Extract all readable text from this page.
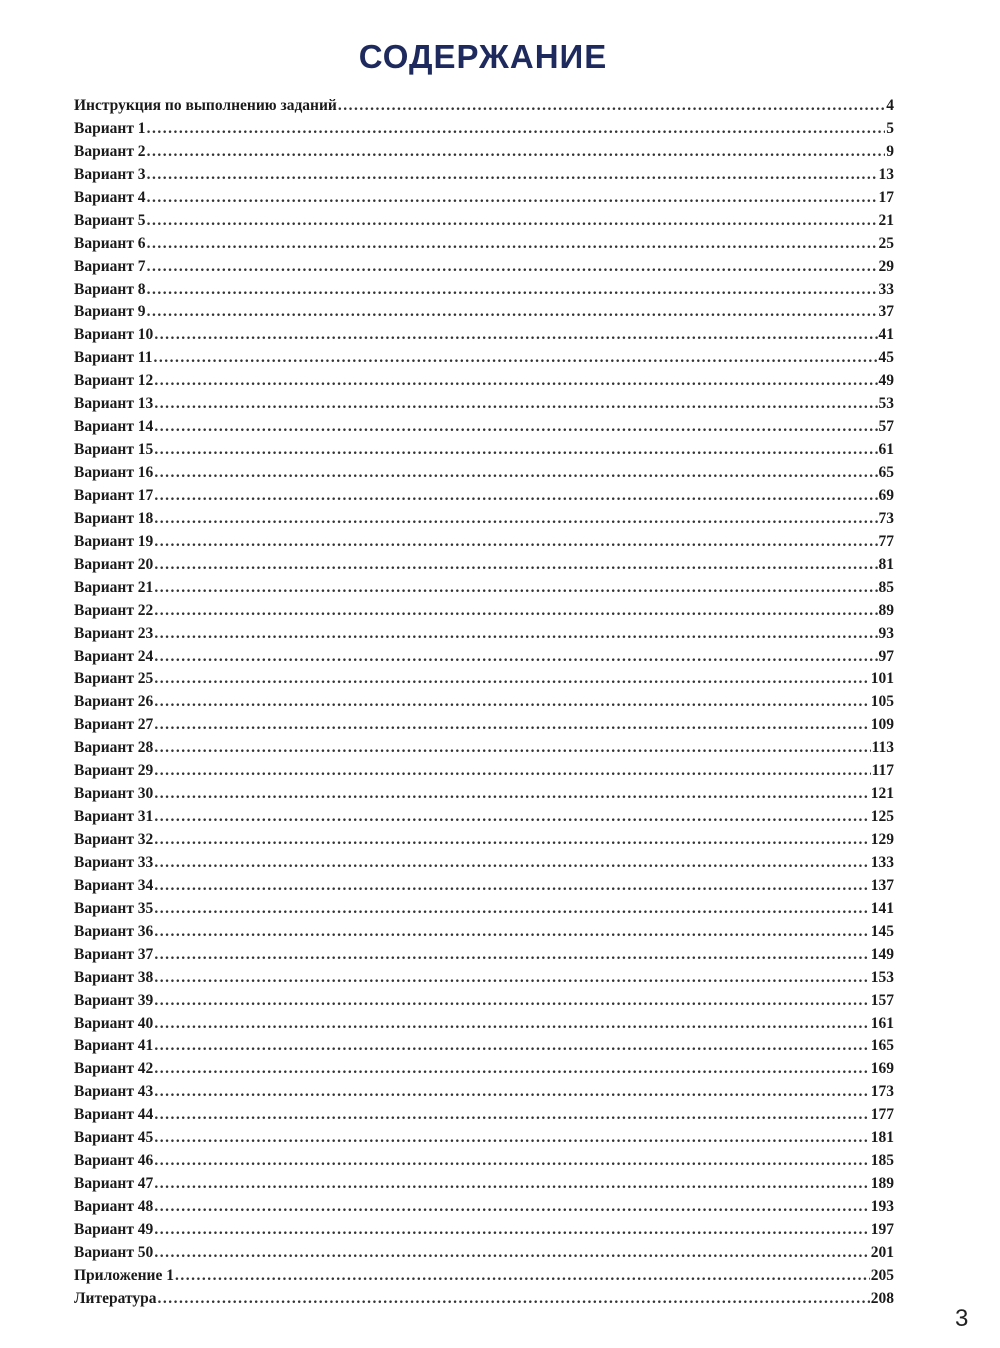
СОДЕРЖАНИЕ
Инструкция по выполнению заданий .....	4
Вариант 1 .....	5
Вариант 2 .....	9
Вариант 3 .....	13
Вариант 4 .....	17
Вариант 5 .....	21
Вариант 6 .....	25
Вариант 7 .....	29
Вариант 8 .....	33
Вариант 9 .....	37
Вариант 10 .....	41
Вариант 11 .....	45
Вариант 12 .....	49
Вариант 13 .....	53
Вариант 14 .....	57
Вариант 15 .....	61
Вариант 16 .....	65
Вариант 17 .....	69
Вариант 18 .....	73
Вариант 19 .....	77
Вариант 20 .....	81
Вариант 21 .....	85
Вариант 22 .....	89
Вариант 23 .....	93
Вариант 24 .....	97
Вариант 25 .....	101
Вариант 26 .....	105
Вариант 27 .....	109
Вариант 28 .....	113
Вариант 29 .....	117
Вариант 30 .....	121
Вариант 31 .....	125
Вариант 32 .....	129
Вариант 33 .....	133
Вариант 34 .....	137
Вариант 35 .....	141
Вариант 36 .....	145
Вариант 37 .....	149
Вариант 38 .....	153
Вариант 39 .....	157
Вариант 40 .....	161
Вариант 41 .....	165
Вариант 42 .....	169
Вариант 43 .....	173
Вариант 44 .....	177
Вариант 45 .....	181
Вариант 46 .....	185
Вариант 47 .....	189
Вариант 48 .....	193
Вариант 49 .....	197
Вариант 50 .....	201
Приложение 1 .....	205
Литература .....	208
3
